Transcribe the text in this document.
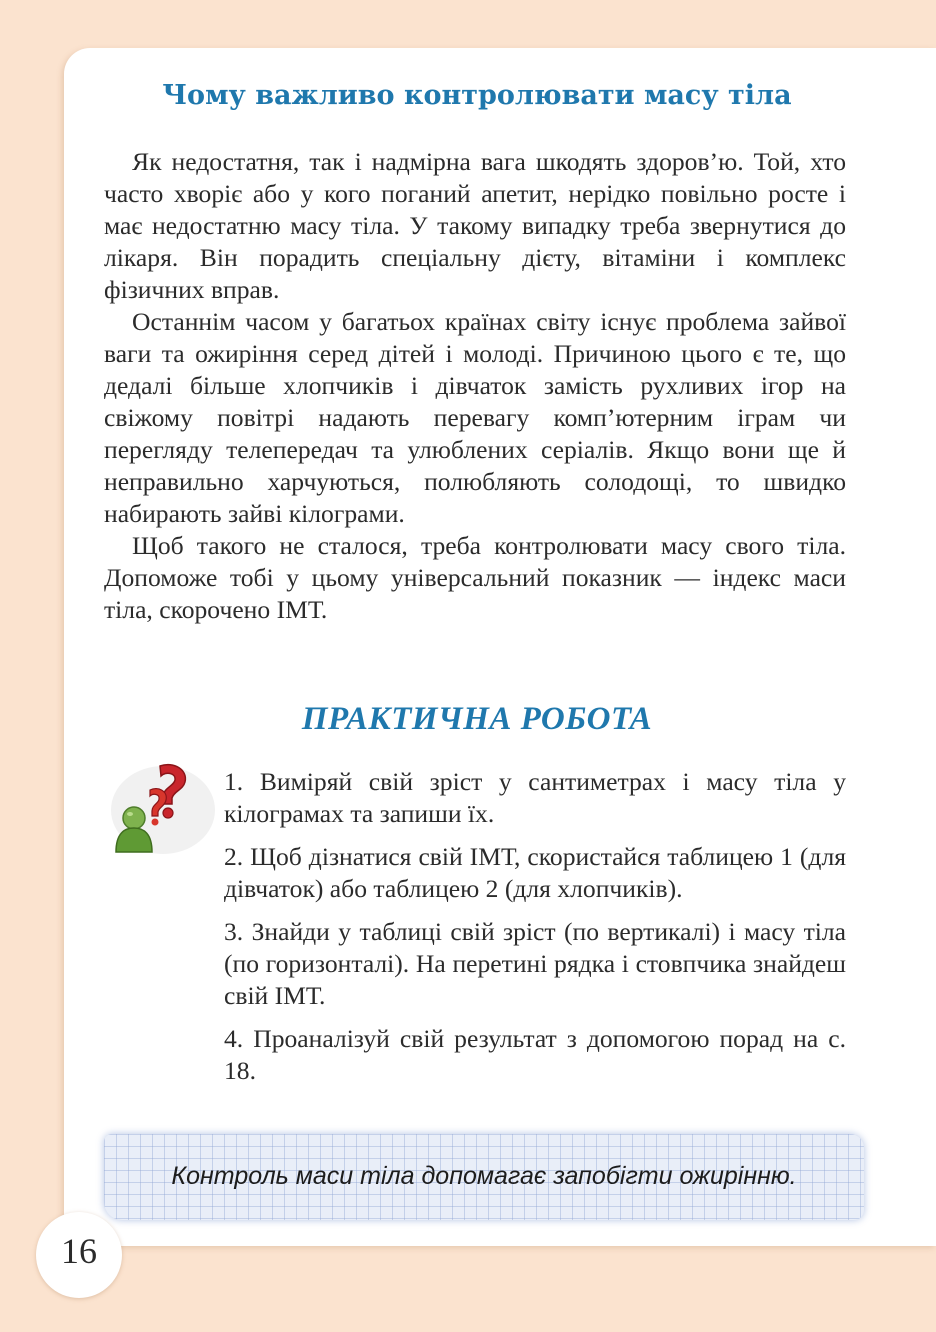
Чому важливо контролювати масу тіла

Як недостатня, так і надмірна вага шкодять здоров’ю. Той, хто часто хворіє або у кого поганий апетит, нерідко повільно росте і має недостатню масу тіла. У такому випадку треба звернутися до лікаря. Він порадить спеціальну дієту, вітаміни і комплекс фізичних вправ.

Останнім часом у багатьох країнах світу існує проблема зайвої ваги та ожиріння серед дітей і молоді. Причиною цього є те, що дедалі більше хлопчиків і дівчаток замість рухливих ігор на свіжому повітрі надають перевагу комп’ютерним іграм чи перегляду телепередач та улюблених серіалів. Якщо вони ще й неправильно харчуються, полюбляють солодощі, то швидко набирають зайві кілограми.

Щоб такого не сталося, треба контролювати масу свого тіла. Допоможе тобі у цьому універсальний показник — індекс маси тіла, скорочено ІМТ.

ПРАКТИЧНА РОБОТА
1. Виміряй свій зріст у сантиметрах і масу тіла у кілограмах та запиши їх.
2. Щоб дізнатися свій ІМТ, скористайся таблицею 1 (для дівчаток) або таблицею 2 (для хлопчиків).
3. Знайди у таблиці свій зріст (по вертикалі) і масу тіла (по горизонталі). На перетині рядка і стовпчика знайдеш свій ІМТ.
4. Проаналізуй свій результат з допомогою порад на с. 18.

Контроль маси тіла допомагає запобігти ожирінню.

16
